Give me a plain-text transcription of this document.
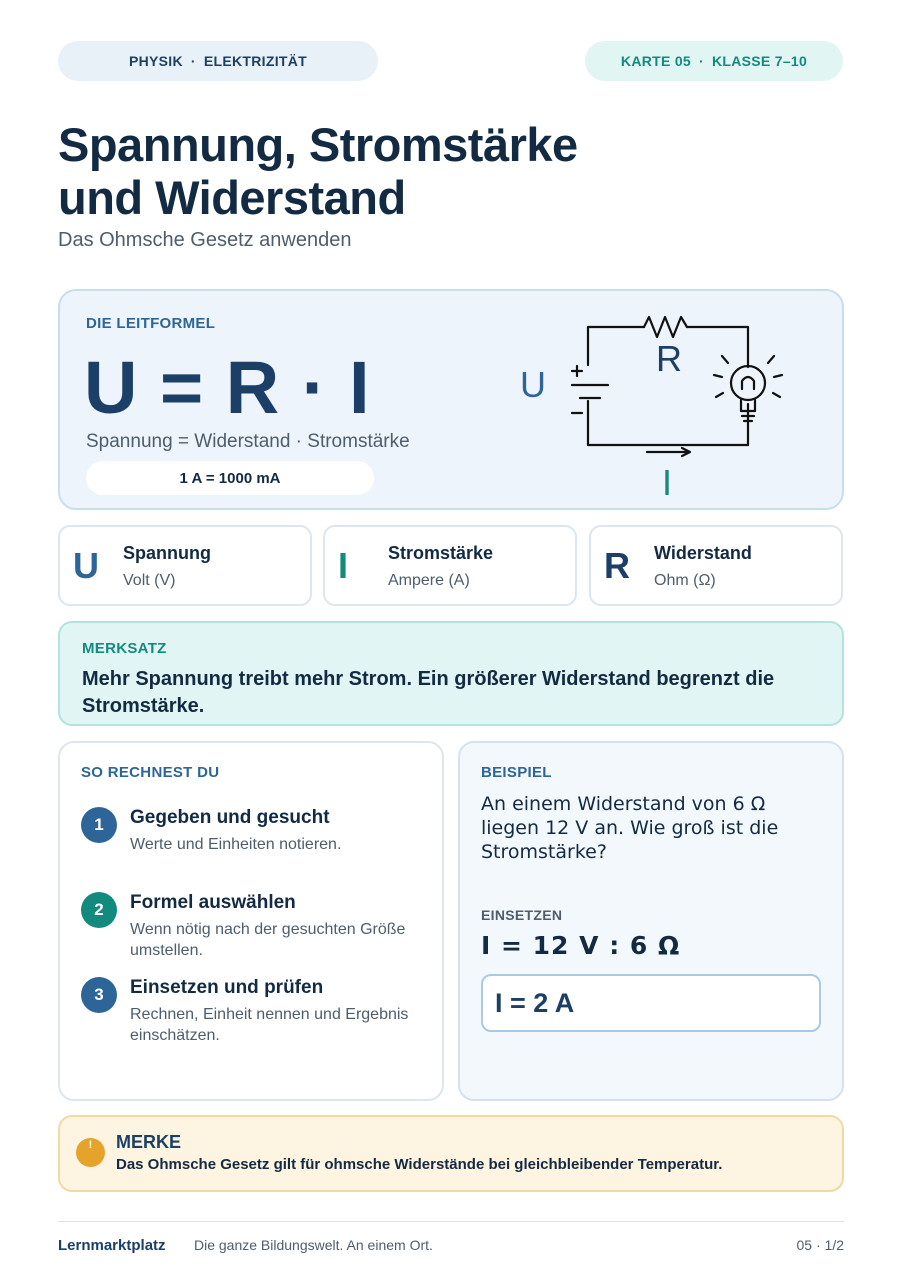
PHYSIK · ELEKTRIZITÄT	KARTE 05 · KLASSE 7–10
Spannung, Stromstärke
und Widerstand
Das Ohmsche Gesetz anwenden
DIE LEITFORMEL
U = R · I
Spannung = Widerstand · Stromstärke
1 A = 1000 mA
U
R
I
U Spannung
Volt (V)	I Stromstärke
Ampere (A)	R Widerstand
Ohm (Ω)
MERKSATZ
Mehr Spannung treibt mehr Strom. Ein größerer Widerstand begrenzt die Stromstärke.
SO RECHNEST DU
1	Gegeben und gesucht
Werte und Einheiten notieren.
2	Formel auswählen
Wenn nötig nach der gesuchten Größe umstellen.
3	Einsetzen und prüfen
Rechnen, Einheit nennen und Ergebnis einschätzen.
BEISPIEL
An einem Widerstand von 6 Ω liegen 12 V an. Wie groß ist die Stromstärke?
EINSETZEN
I = 12 V : 6 Ω
I = 2 A
!	MERKE
Das Ohmsche Gesetz gilt für ohmsche Widerstände bei gleichbleibender Temperatur.
Lernmarktplatz Die ganze Bildungswelt. An einem Ort.	05 · 1/2
